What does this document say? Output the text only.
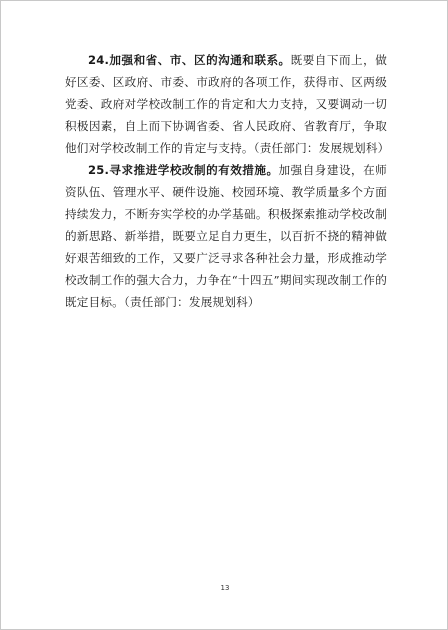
24.加强和省、市、区的沟通和联系。既要自下而上，做好区委、区政府、市委、市政府的各项工作，获得市、区两级党委、政府对学校改制工作的肯定和大力支持，又要调动一切积极因素，自上而下协调省委、省人民政府、省教育厅，争取他们对学校改制工作的肯定与支持。（责任部门：发展规划科）

25.寻求推进学校改制的有效措施。加强自身建设，在师资队伍、管理水平、硬件设施、校园环境、教学质量多个方面持续发力，不断夯实学校的办学基础。积极探索推动学校改制的新思路、新举措，既要立足自力更生，以百折不挠的精神做好艰苦细致的工作，又要广泛寻求各种社会力量，形成推动学校改制工作的强大合力，力争在“十四五”期间实现改制工作的既定目标。（责任部门：发展规划科）

13
